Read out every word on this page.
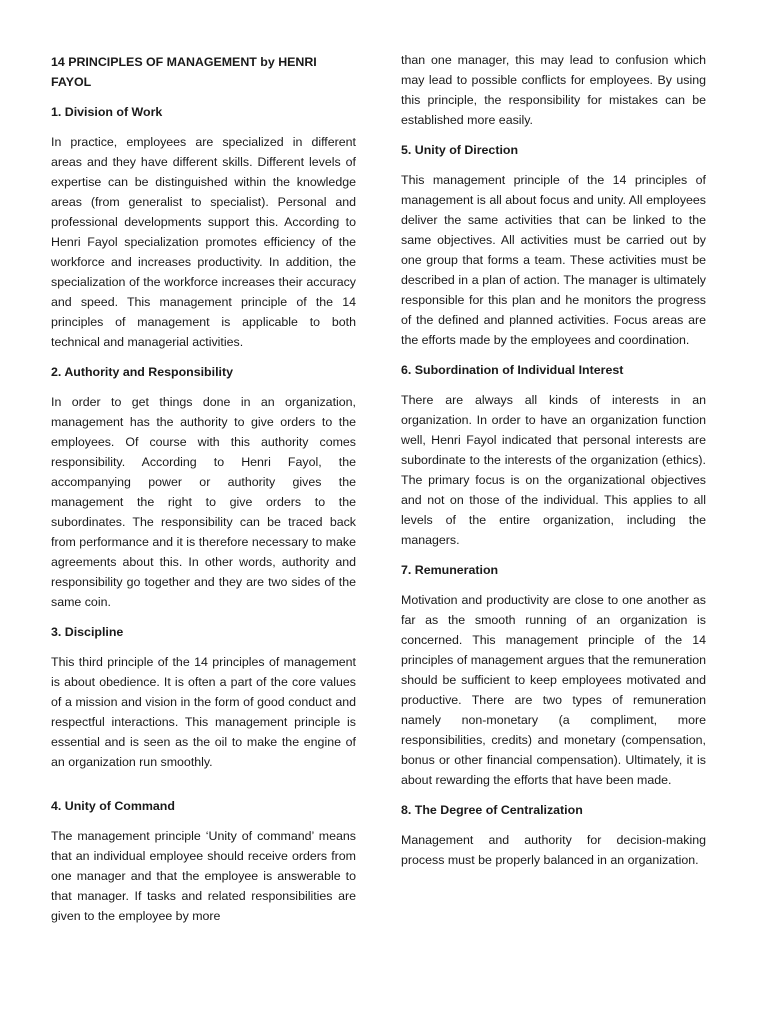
14 PRINCIPLES OF MANAGEMENT by HENRI FAYOL
1. Division of Work
In practice, employees are specialized in different areas and they have different skills. Different levels of expertise can be distinguished within the knowledge areas (from generalist to specialist). Personal and professional developments support this. According to Henri Fayol specialization promotes efficiency of the workforce and increases productivity. In addition, the specialization of the workforce increases their accuracy and speed. This management principle of the 14 principles of management is applicable to both technical and managerial activities.
2. Authority and Responsibility
In order to get things done in an organization, management has the authority to give orders to the employees. Of course with this authority comes responsibility. According to Henri Fayol, the accompanying power or authority gives the management the right to give orders to the subordinates. The responsibility can be traced back from performance and it is therefore necessary to make agreements about this. In other words, authority and responsibility go together and they are two sides of the same coin.
3. Discipline
This third principle of the 14 principles of management is about obedience. It is often a part of the core values of a mission and vision in the form of good conduct and respectful interactions. This management principle is essential and is seen as the oil to make the engine of an organization run smoothly.
4. Unity of Command
The management principle ‘Unity of command’ means that an individual employee should receive orders from one manager and that the employee is answerable to that manager. If tasks and related responsibilities are given to the employee by more
than one manager, this may lead to confusion which may lead to possible conflicts for employees. By using this principle, the responsibility for mistakes can be established more easily.
5. Unity of Direction
This management principle of the 14 principles of management is all about focus and unity. All employees deliver the same activities that can be linked to the same objectives. All activities must be carried out by one group that forms a team. These activities must be described in a plan of action. The manager is ultimately responsible for this plan and he monitors the progress of the defined and planned activities. Focus areas are the efforts made by the employees and coordination.
6. Subordination of Individual Interest
There are always all kinds of interests in an organization. In order to have an organization function well, Henri Fayol indicated that personal interests are subordinate to the interests of the organization (ethics). The primary focus is on the organizational objectives and not on those of the individual. This applies to all levels of the entire organization, including the managers.
7. Remuneration
Motivation and productivity are close to one another as far as the smooth running of an organization is concerned. This management principle of the 14 principles of management argues that the remuneration should be sufficient to keep employees motivated and productive. There are two types of remuneration namely non-monetary (a compliment, more responsibilities, credits) and monetary (compensation, bonus or other financial compensation). Ultimately, it is about rewarding the efforts that have been made.
8. The Degree of Centralization
Management and authority for decision-making process must be properly balanced in an organization.
